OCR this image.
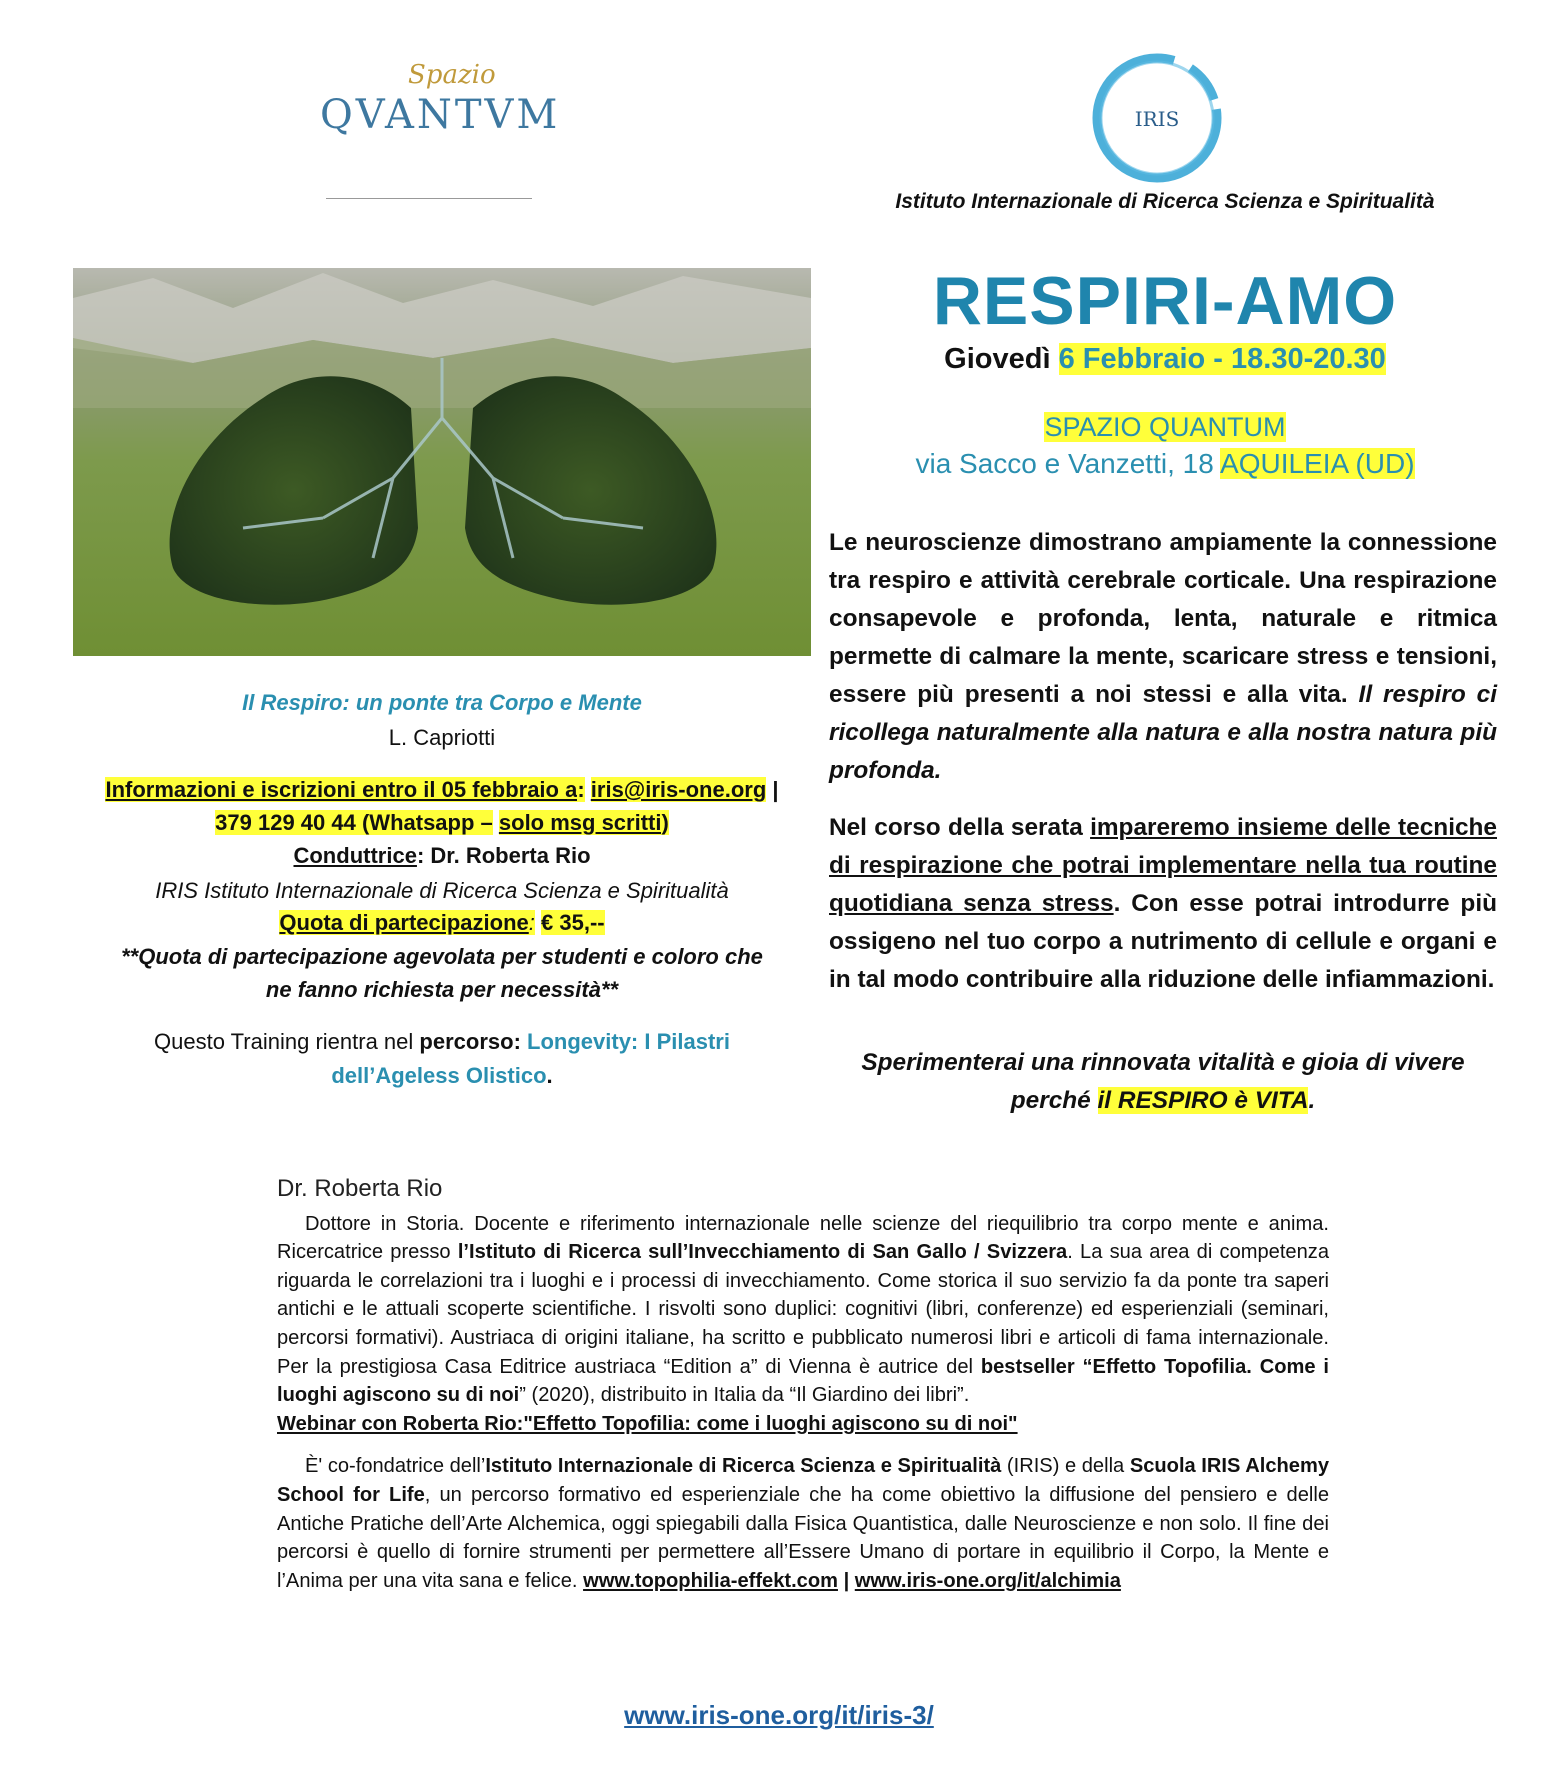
Spazio
QVANTVM	IRIS
Istituto Internazionale di Ricerca Scienza e Spiritualità
RESPIRI-AMO
Giovedì 6 Febbraio - 18.30-20.30
SPAZIO QUANTUM
via Sacco e Vanzetti, 18 AQUILEIA (UD)
Le neuroscienze dimostrano ampiamente la connessione tra respiro e attività cerebrale corticale. Una respirazione consapevole e profonda, lenta, naturale e ritmica permette di calmare la mente, scaricare stress e tensioni, essere più presenti a noi stessi e alla vita. Il respiro ci ricollega naturalmente alla natura e alla nostra natura più profonda.
Nel corso della serata impareremo insieme delle tecniche di respirazione che potrai implementare nella tua routine quotidiana senza stress. Con esse potrai introdurre più ossigeno nel tuo corpo a nutrimento di cellule e organi e in tal modo contribuire alla riduzione delle infiammazioni.
Sperimenterai una rinnovata vitalità e gioia di vivere
perché il RESPIRO è VITA.
Il Respiro: un ponte tra Corpo e Mente
L. Capriotti
Informazioni e iscrizioni entro il 05 febbraio a: iris@iris-one.org |
379 129 40 44 (Whatsapp – solo msg scritti)
Conduttrice: Dr. Roberta Rio
IRIS Istituto Internazionale di Ricerca Scienza e Spiritualità
Quota di partecipazione: € 35,--
**Quota di partecipazione agevolata per studenti e coloro che
ne fanno richiesta per necessità**
Questo Training rientra nel percorso: Longevity: I Pilastri
dell’Ageless Olistico.
Dr. Roberta Rio

Dottore in Storia. Docente e riferimento internazionale nelle scienze del riequilibrio tra corpo mente e anima. Ricercatrice presso l’Istituto di Ricerca sull’Invecchiamento di San Gallo / Svizzera. La sua area di competenza riguarda le correlazioni tra i luoghi e i processi di invecchiamento. Come storica il suo servizio fa da ponte tra saperi antichi e le attuali scoperte scientifiche. I risvolti sono duplici: cognitivi (libri, conferenze) ed esperienziali (seminari, percorsi formativi). Austriaca di origini italiane, ha scritto e pubblicato numerosi libri e articoli di fama internazionale. Per la prestigiosa Casa Editrice austriaca “Edition a” di Vienna è autrice del bestseller “Effetto Topofilia. Come i luoghi agiscono su di noi” (2020), distribuito in Italia da “Il Giardino dei libri”.

Webinar con Roberta Rio:"Effetto Topofilia: come i luoghi agiscono su di noi"

È' co-fondatrice dell’Istituto Internazionale di Ricerca Scienza e Spiritualità (IRIS) e della Scuola IRIS Alchemy School for Life, un percorso formativo ed esperienziale che ha come obiettivo la diffusione del pensiero e delle Antiche Pratiche dell’Arte Alchemica, oggi spiegabili dalla Fisica Quantistica, dalle Neuroscienze e non solo. Il fine dei percorsi è quello di fornire strumenti per permettere all’Essere Umano di portare in equilibrio il Corpo, la Mente e l’Anima per una vita sana e felice. www.topophilia-effekt.com | www.iris-one.org/it/alchimia

www.iris-one.org/it/iris-3/
